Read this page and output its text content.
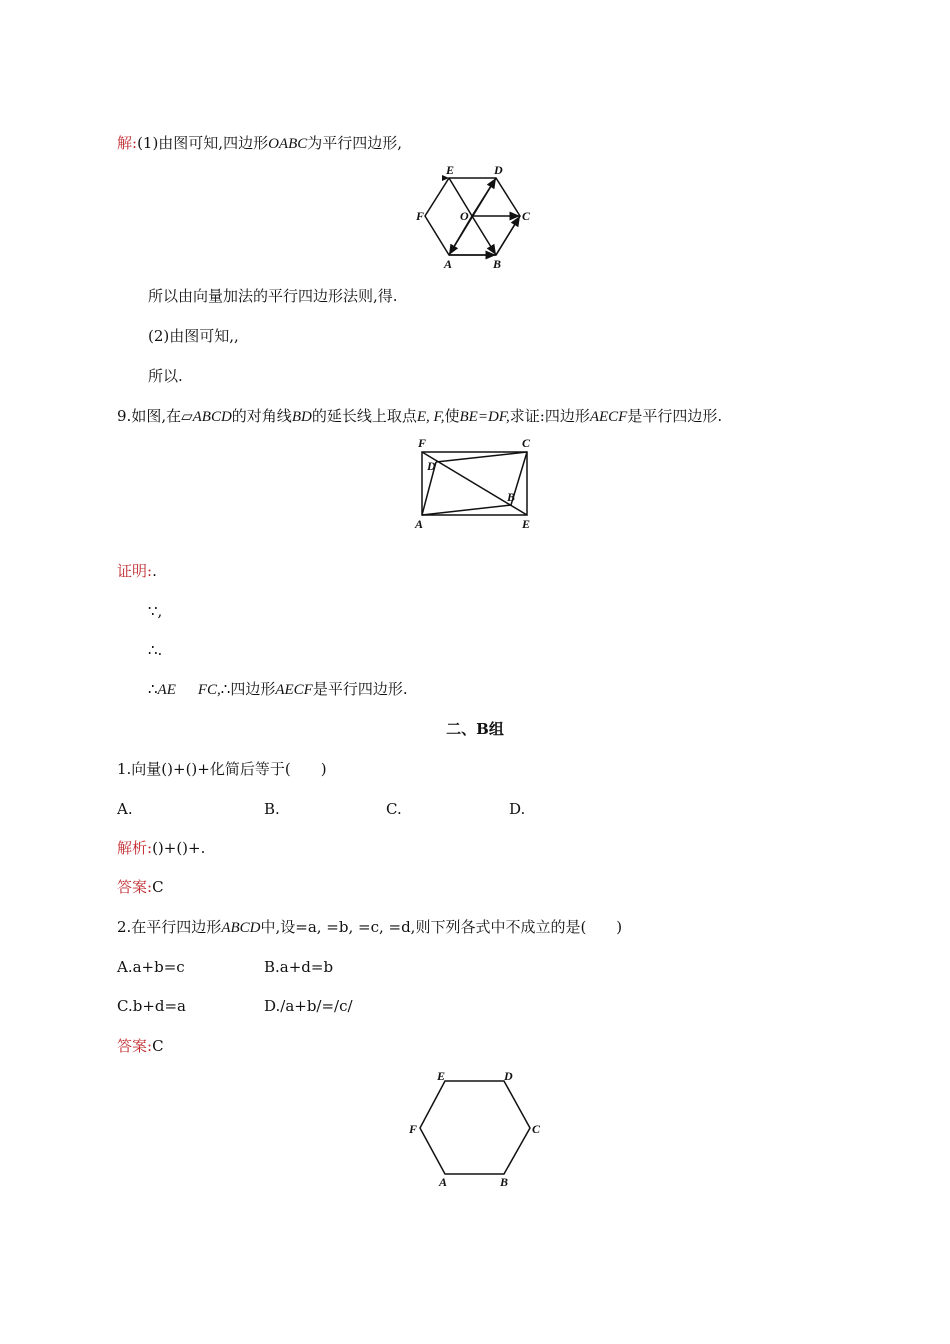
解:(1)由图可知,四边形OABC为平行四边形,
E	D
F	O	C
A	B
所以由向量加法的平行四边形法则,得.
(2)由图可知,,
所以.
9.如图,在▱ABCD的对角线BD的延长线上取点E, F,使BE=DF,求证:四边形AECF是平行四边形.
F	C
D
B
A	E
证明:.
∵,
∴.
∴AE FC,∴四边形AECF是平行四边形.
二、B组
1.向量()+()+化简后等于(　　)
A.	B.	C.	D.
解析:()+()+.
答案:C
2.在平行四边形ABCD中,设=a, =b, =c, =d,则下列各式中不成立的是(　　)
A.a+b=c	B.a+d=b
C.b+d=a	D./a+b/=/c/
答案:C
E	D
F	C
A	B
